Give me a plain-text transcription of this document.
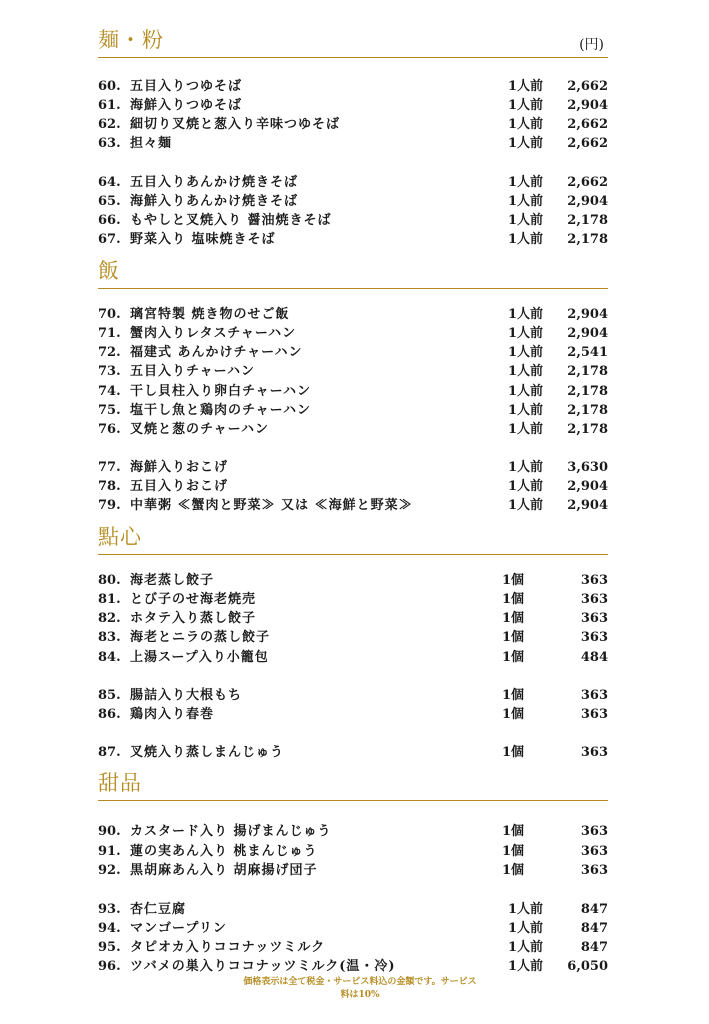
麺・粉	(円)
60. 五目入りつゆそば	1人前	2,662
61. 海鮮入りつゆそば	1人前	2,904
62. 細切り叉焼と葱入り辛味つゆそば	1人前	2,662
63. 担々麺	1人前	2,662
64. 五目入りあんかけ焼きそば	1人前	2,662
65. 海鮮入りあんかけ焼きそば	1人前	2,904
66. もやしと叉焼入り 醤油焼きそば	1人前	2,178
67. 野菜入り 塩味焼きそば	1人前	2,178
飯
70. 璃宮特製 焼き物のせご飯	1人前	2,904
71. 蟹肉入りレタスチャーハン	1人前	2,904
72. 福建式 あんかけチャーハン	1人前	2,541
73. 五目入りチャーハン	1人前	2,178
74. 干し貝柱入り卵白チャーハン	1人前	2,178
75. 塩干し魚と鶏肉のチャーハン	1人前	2,178
76. 叉焼と葱のチャーハン	1人前	2,178
77. 海鮮入りおこげ	1人前	3,630
78. 五目入りおこげ	1人前	2,904
79. 中華粥 ≪蟹肉と野菜≫ 又は ≪海鮮と野菜≫	1人前	2,904
點心
80. 海老蒸し餃子	1個	363
81. とび子のせ海老焼売	1個	363
82. ホタテ入り蒸し餃子	1個	363
83. 海老とニラの蒸し餃子	1個	363
84. 上湯スープ入り小籠包	1個	484
85. 腸詰入り大根もち	1個	363
86. 鶏肉入り春巻	1個	363
87. 叉焼入り蒸しまんじゅう	1個	363
甜品
90. カスタード入り 揚げまんじゅう	1個	363
91. 蓮の実あん入り 桃まんじゅう	1個	363
92. 黒胡麻あん入り 胡麻揚げ団子	1個	363
93. 杏仁豆腐	1人前	847
94. マンゴープリン	1人前	847
95. タピオカ入りココナッツミルク	1人前	847
96. ツバメの巣入りココナッツミルク(温・冷)	1人前	6,050
価格表示は全て税金・サービス料込の金額です。サービス
料は10%
